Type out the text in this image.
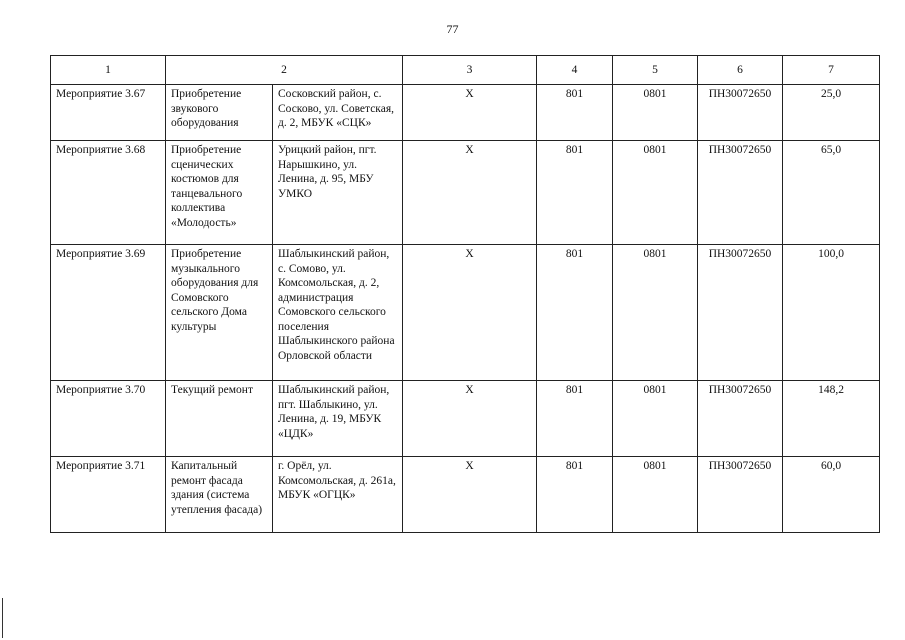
77
1	2		3	4	5	6	7
Мероприятие 3.67	Приобретение звукового оборудования	Сосковский район, с. Сосково, ул. Советская, д. 2, МБУК «СЦК»	Х	801	0801	ПН30072650	25,0
Мероприятие 3.68	Приобретение сценических костюмов для танцевального коллектива «Молодость»	Урицкий район, пгт. Нарышкино, ул. Ленина, д. 95, МБУ УМКО	Х	801	0801	ПН30072650	65,0
Мероприятие 3.69	Приобретение музыкального оборудования для Сомовского сельского Дома культуры	Шаблыкинский район, с. Сомово, ул. Комсомольская, д. 2, администрация Сомовского сельского поселения Шаблыкинского района Орловской области	Х	801	0801	ПН30072650	100,0
Мероприятие 3.70	Текущий ремонт	Шаблыкинский район, пгт. Шаблыкино, ул. Ленина, д. 19, МБУК «ЦДК»	Х	801	0801	ПН30072650	148,2
Мероприятие 3.71	Капитальный ремонт фасада здания (система утепления фасада)	г. Орёл, ул. Комсомольская, д. 261а, МБУК «ОГЦК»	Х	801	0801	ПН30072650	60,0
